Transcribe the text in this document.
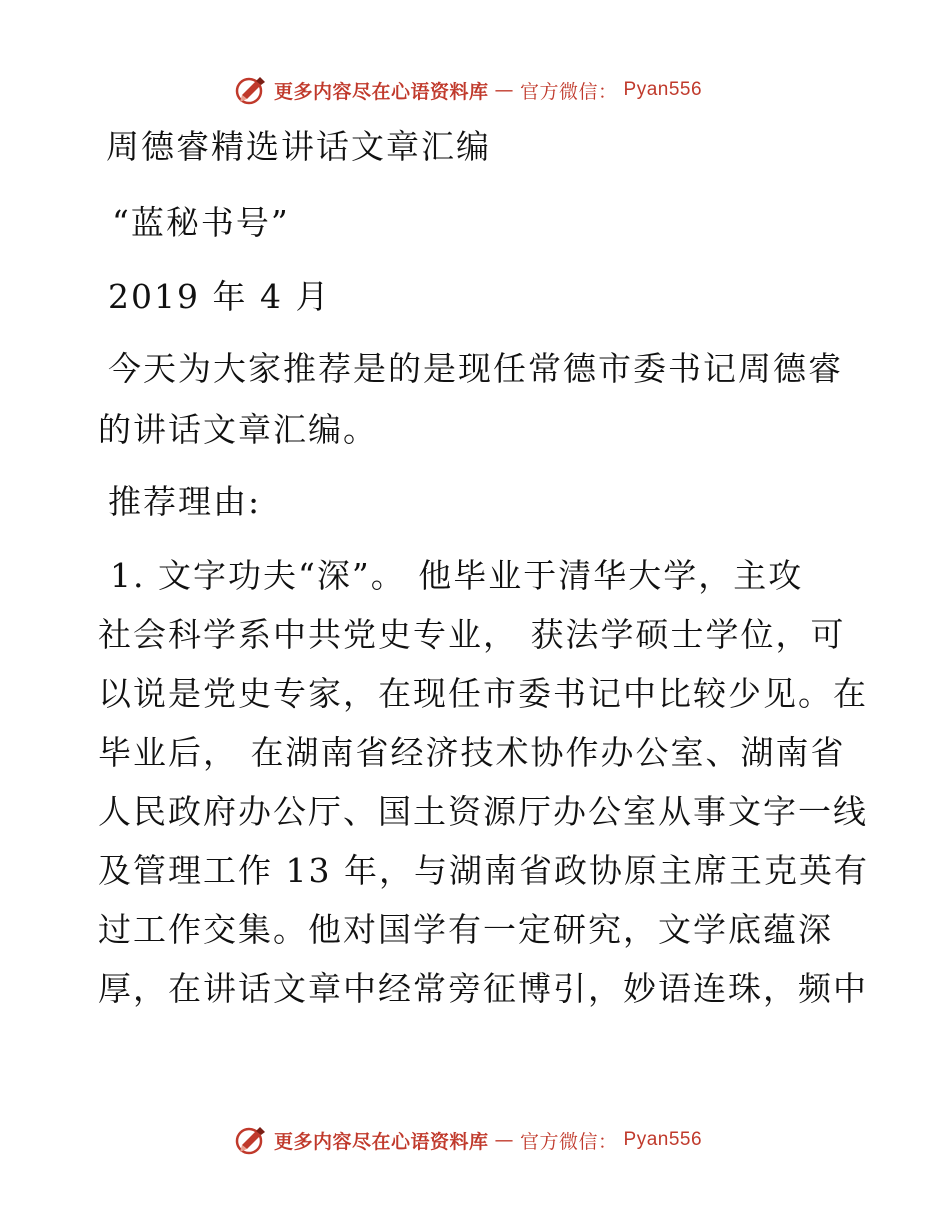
更多内容尽在心语资料库 — 官方微信： Pyan556

周德睿精选讲话文章汇编

“蓝秘书号”

2019 年 4 月

今天为大家推荐是的是现任常德市委书记周德睿

的讲话文章汇编。

推荐理由:

1. 文字功夫“深”。 他毕业于清华大学，主攻

社会科学系中共党史专业， 获法学硕士学位，可

以说是党史专家，在现任市委书记中比较少见。在

毕业后， 在湖南省经济技术协作办公室、湖南省

人民政府办公厅、国土资源厅办公室从事文字一线

及管理工作 13 年，与湖南省政协原主席王克英有

过工作交集。他对国学有一定研究，文学底蕴深

厚，在讲话文章中经常旁征博引，妙语连珠，频中

更多内容尽在心语资料库 — 官方微信： Pyan556
